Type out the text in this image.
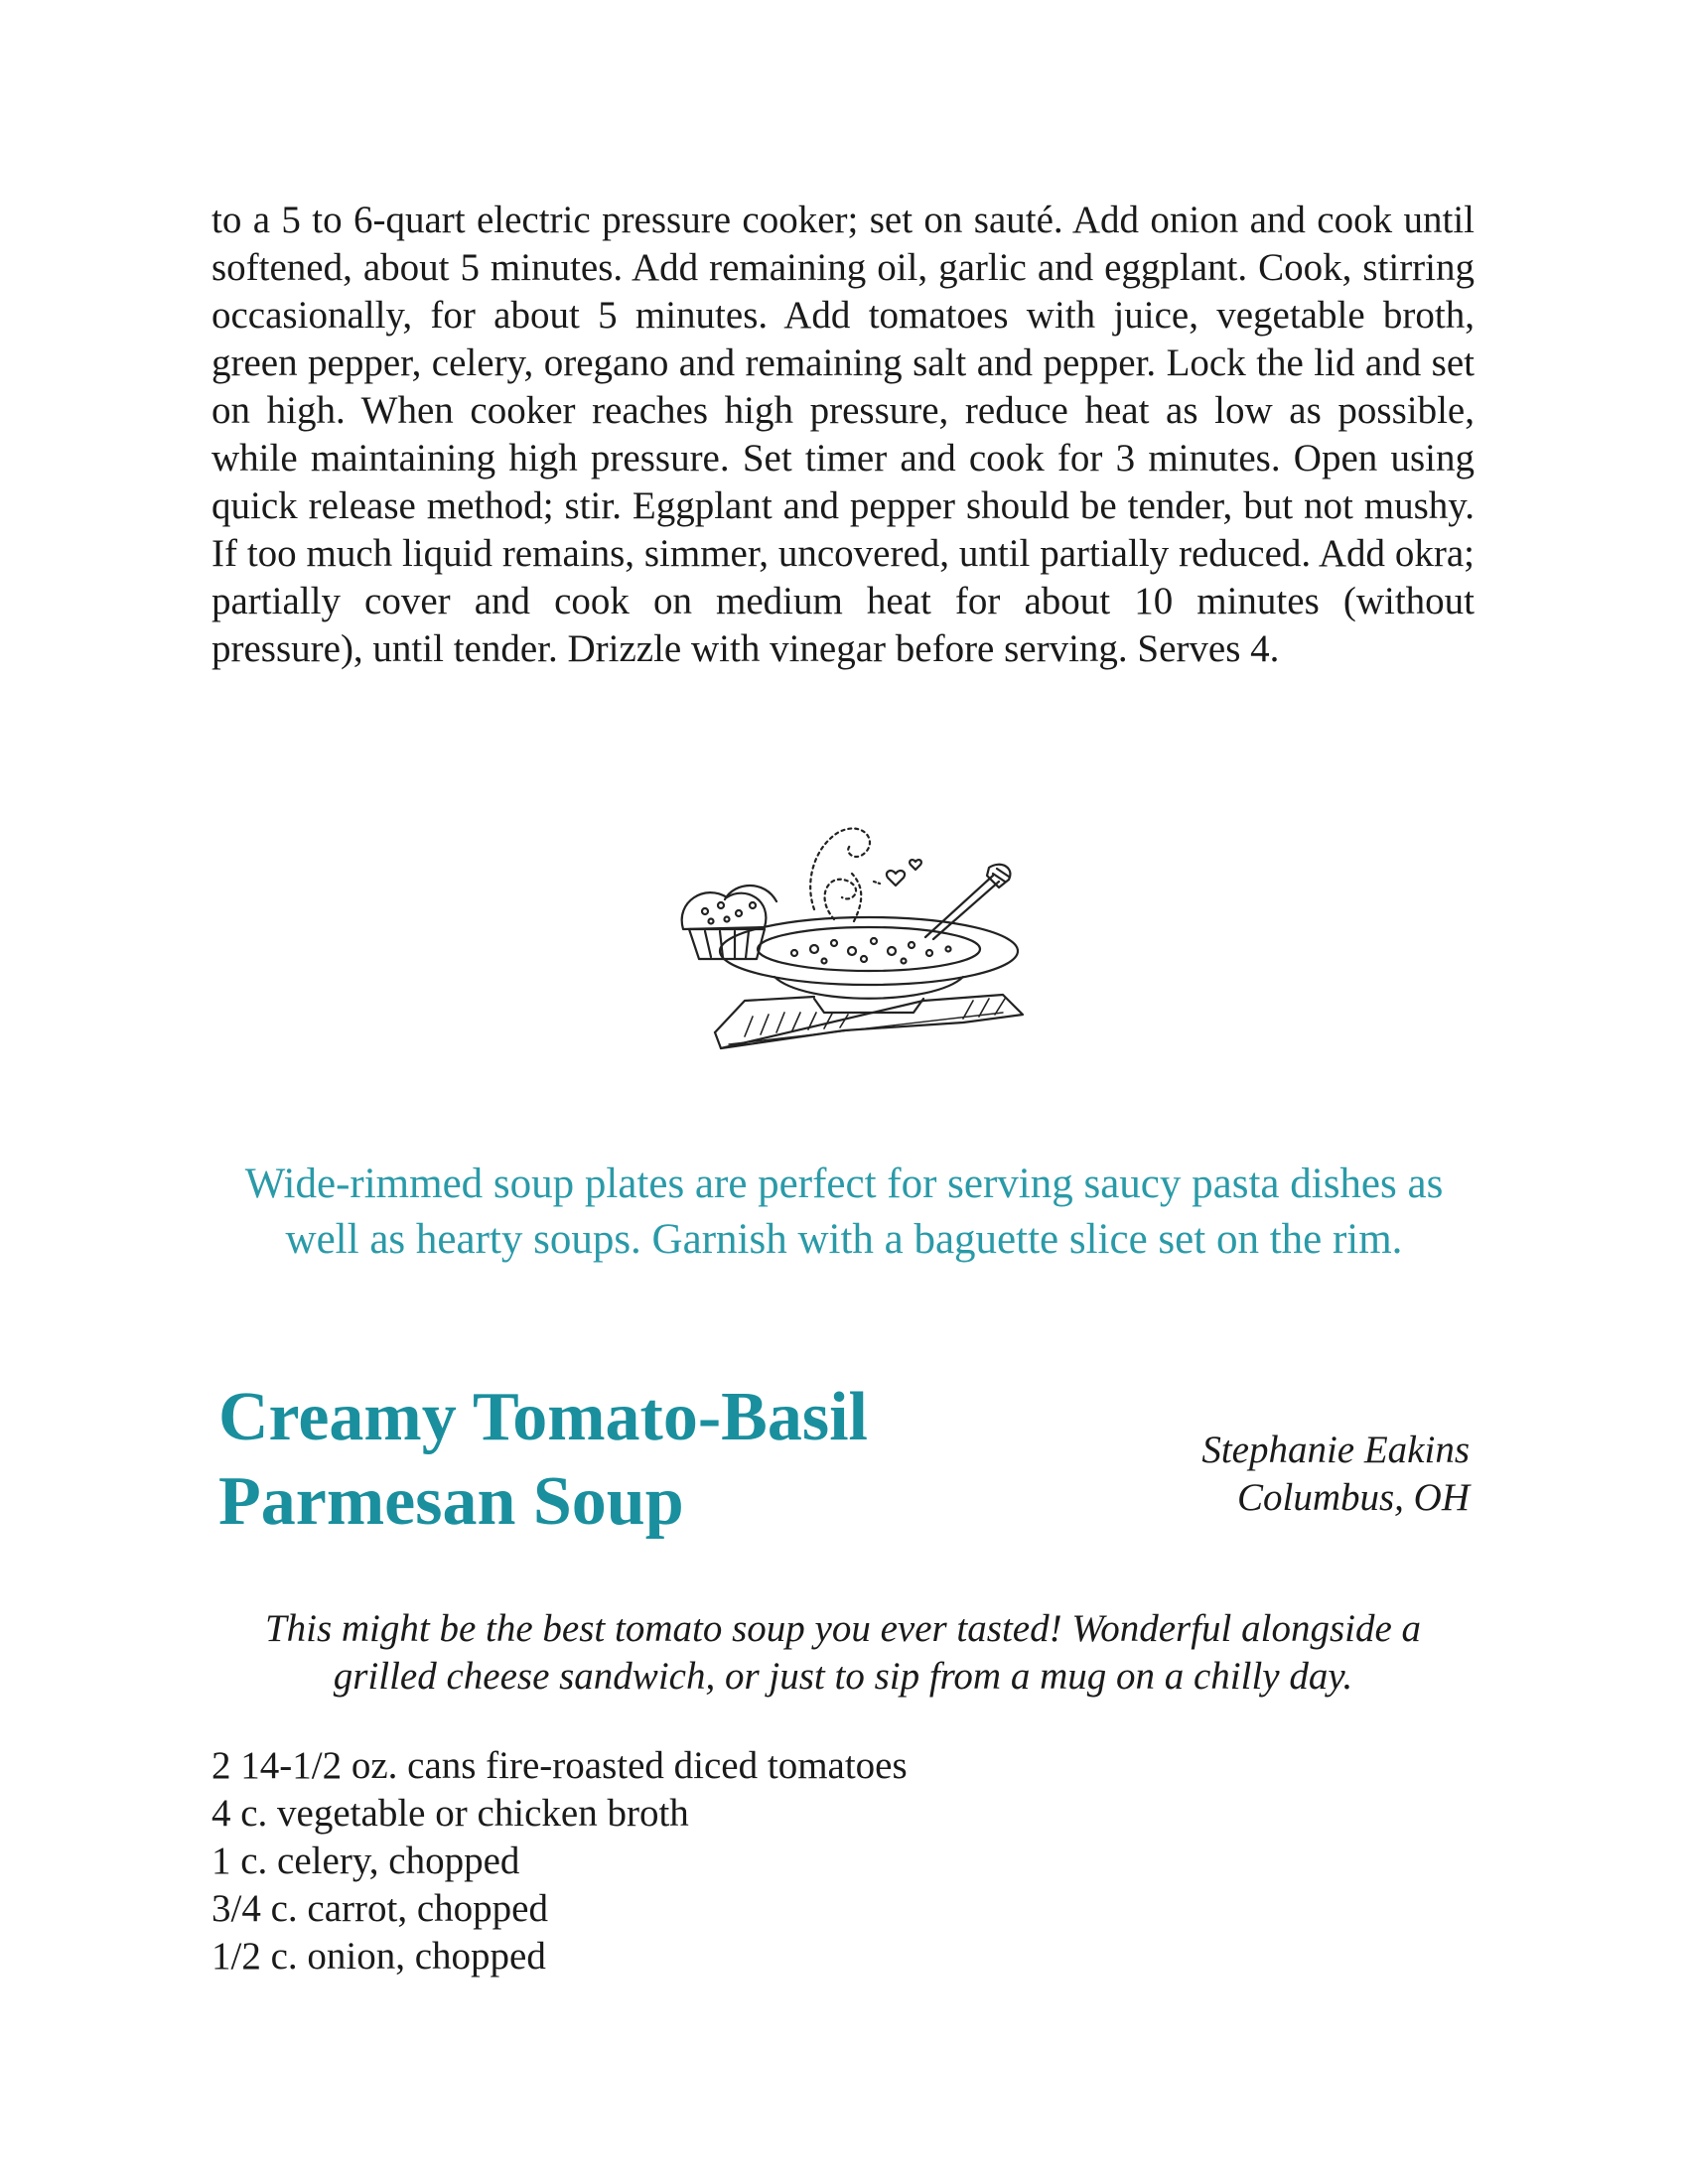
to a 5 to 6-quart electric pressure cooker; set on sauté. Add onion and cook until softened, about 5 minutes. Add remaining oil, garlic and eggplant. Cook, stirring occasionally, for about 5 minutes. Add tomatoes with juice, vegetable broth, green pepper, celery, oregano and remaining salt and pepper. Lock the lid and set on high. When cooker reaches high pressure, reduce heat as low as possible, while maintaining high pressure. Set timer and cook for 3 minutes. Open using quick release method; stir. Eggplant and pepper should be tender, but not mushy. If too much liquid remains, simmer, uncovered, until partially reduced. Add okra; partially cover and cook on medium heat for about 10 minutes (without pressure), until tender. Drizzle with vinegar before serving. Serves 4.

Wide-rimmed soup plates are perfect for serving saucy pasta dishes as well as hearty soups. Garnish with a baguette slice set on the rim.

Creamy Tomato-Basil
Parmesan Soup
Stephanie Eakins
Columbus, OH

This might be the best tomato soup you ever tasted! Wonderful alongside a grilled cheese sandwich, or just to sip from a mug on a chilly day.

2 14-1/2 oz. cans fire-roasted diced tomatoes
4 c. vegetable or chicken broth
1 c. celery, chopped
3/4 c. carrot, chopped
1/2 c. onion, chopped
